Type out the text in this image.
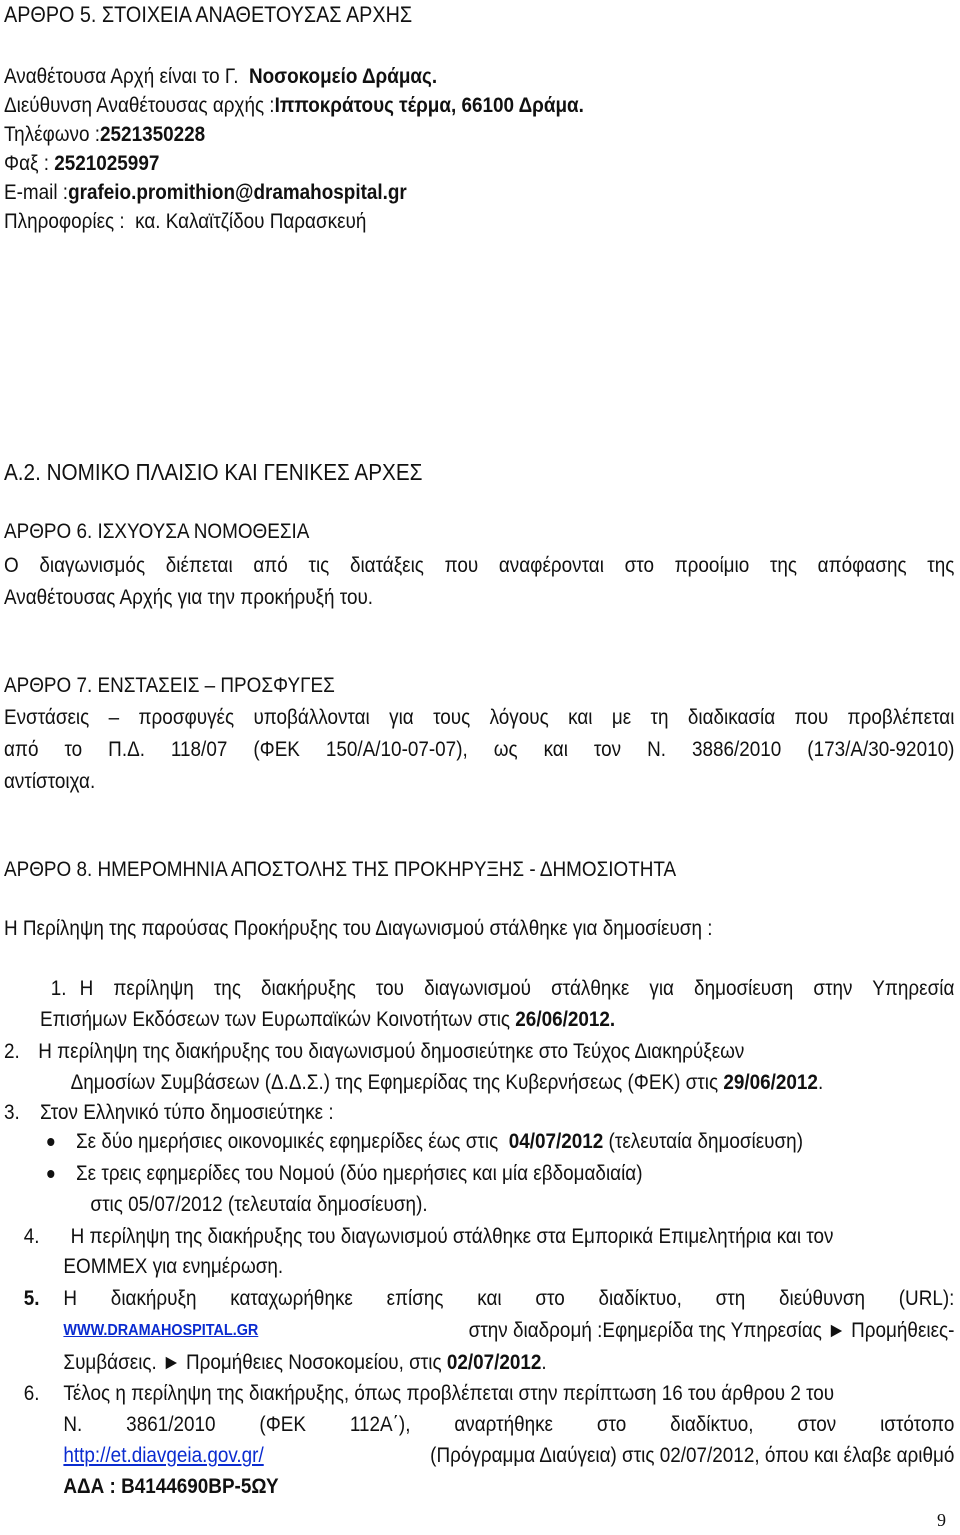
ΑΡΘΡΟ 5. ΣΤΟΙΧΕΙΑ ΑΝΑΘΕΤΟΥΣΑΣ ΑΡΧΗΣ
Αναθέτουσα Αρχή είναι το Γ. Νοσοκομείο Δράμας.
Διεύθυνση Αναθέτουσας αρχής :Ιπποκράτους τέρμα, 66100 Δράμα.
Τηλέφωνο :2521350228
Φαξ : 2521025997
E-mail :grafeio.promithion@dramahospital.gr
Πληροφορίες : κα. Καλαϊτζίδου Παρασκευή
Α.2. ΝΟΜΙΚΟ ΠΛΑΙΣΙΟ ΚΑΙ ΓΕΝΙΚΕΣ ΑΡΧΕΣ
ΑΡΘΡΟ 6. ΙΣΧΥΟΥΣΑ ΝΟΜΟΘΕΣΙΑ
Ο διαγωνισμός διέπεται από τις διατάξεις που αναφέρονται στο προοίμιο της απόφασης της
Αναθέτουσας Αρχής για την προκήρυξή του.
ΑΡΘΡΟ 7. ΕΝΣΤΑΣΕΙΣ – ΠΡΟΣΦΥΓΕΣ
Ενστάσεις – προσφυγές υποβάλλονται για τους λόγους και με τη διαδικασία που προβλέπεται
από το Π.Δ. 118/07 (ΦΕΚ 150/Α/10-07-07), ως και τον Ν. 3886/2010 (173/Α/30-92010)
αντίστοιχα.
ΑΡΘΡΟ 8. ΗΜΕΡΟΜΗΝΙΑ ΑΠΟΣΤΟΛΗΣ ΤΗΣ ΠΡΟΚΗΡΥΞΗΣ - ΔΗΜΟΣΙΟΤΗΤΑ
Η Περίληψη της παρούσας Προκήρυξης του Διαγωνισμού στάλθηκε για δημοσίευση :
1. Η περίληψη της διακήρυξης του διαγωνισμού στάλθηκε για δημοσίευση στην Υπηρεσία
Επισήμων Εκδόσεων των Ευρωπαϊκών Κοινοτήτων στις 26/06/2012.
2. Η περίληψη της διακήρυξης του διαγωνισμού δημοσιεύτηκε στο Τεύχος Διακηρύξεων
Δημοσίων Συμβάσεων (Δ.Δ.Σ.) της Εφημερίδας της Κυβερνήσεως (ΦΕΚ) στις 29/06/2012.
3. Στον Ελληνικό τύπο δημοσιεύτηκε :
Σε δύο ημερήσιες οικονομικές εφημερίδες έως στις 04/07/2012 (τελευταία δημοσίευση)
Σε τρεις εφημερίδες του Νομού (δύο ημερήσιες και μία εβδομαδιαία)
στις 05/07/2012 (τελευταία δημοσίευση).
4. Η περίληψη της διακήρυξης του διαγωνισμού στάλθηκε στα Εμπορικά Επιμελητήρια και τον
ΕΟΜΜΕΧ για ενημέρωση.
5. Η διακήρυξη καταχωρήθηκε επίσης και στο διαδίκτυο, στη διεύθυνση (URL):
WWW.DRAMAHOSPITAL.GR	στην διαδρομή :Εφημερίδα της Υπηρεσίας ► Προμήθειες-
Συμβάσεις. ► Προμήθειες Νοσοκομείου, στις 02/07/2012.
6. Τέλος η περίληψη της διακήρυξης, όπως προβλέπεται στην περίπτωση 16 του άρθρου 2 του
Ν. 3861/2010 (ΦΕΚ 112Α΄), αναρτήθηκε στο διαδίκτυο, στον ιστότοπο
http://et.diavgeia.gov.gr/	(Πρόγραμμα Διαύγεια) στις 02/07/2012, όπου και έλαβε αριθμό
ΑΔΑ : Β4144690ΒΡ-5ΩΥ
9
